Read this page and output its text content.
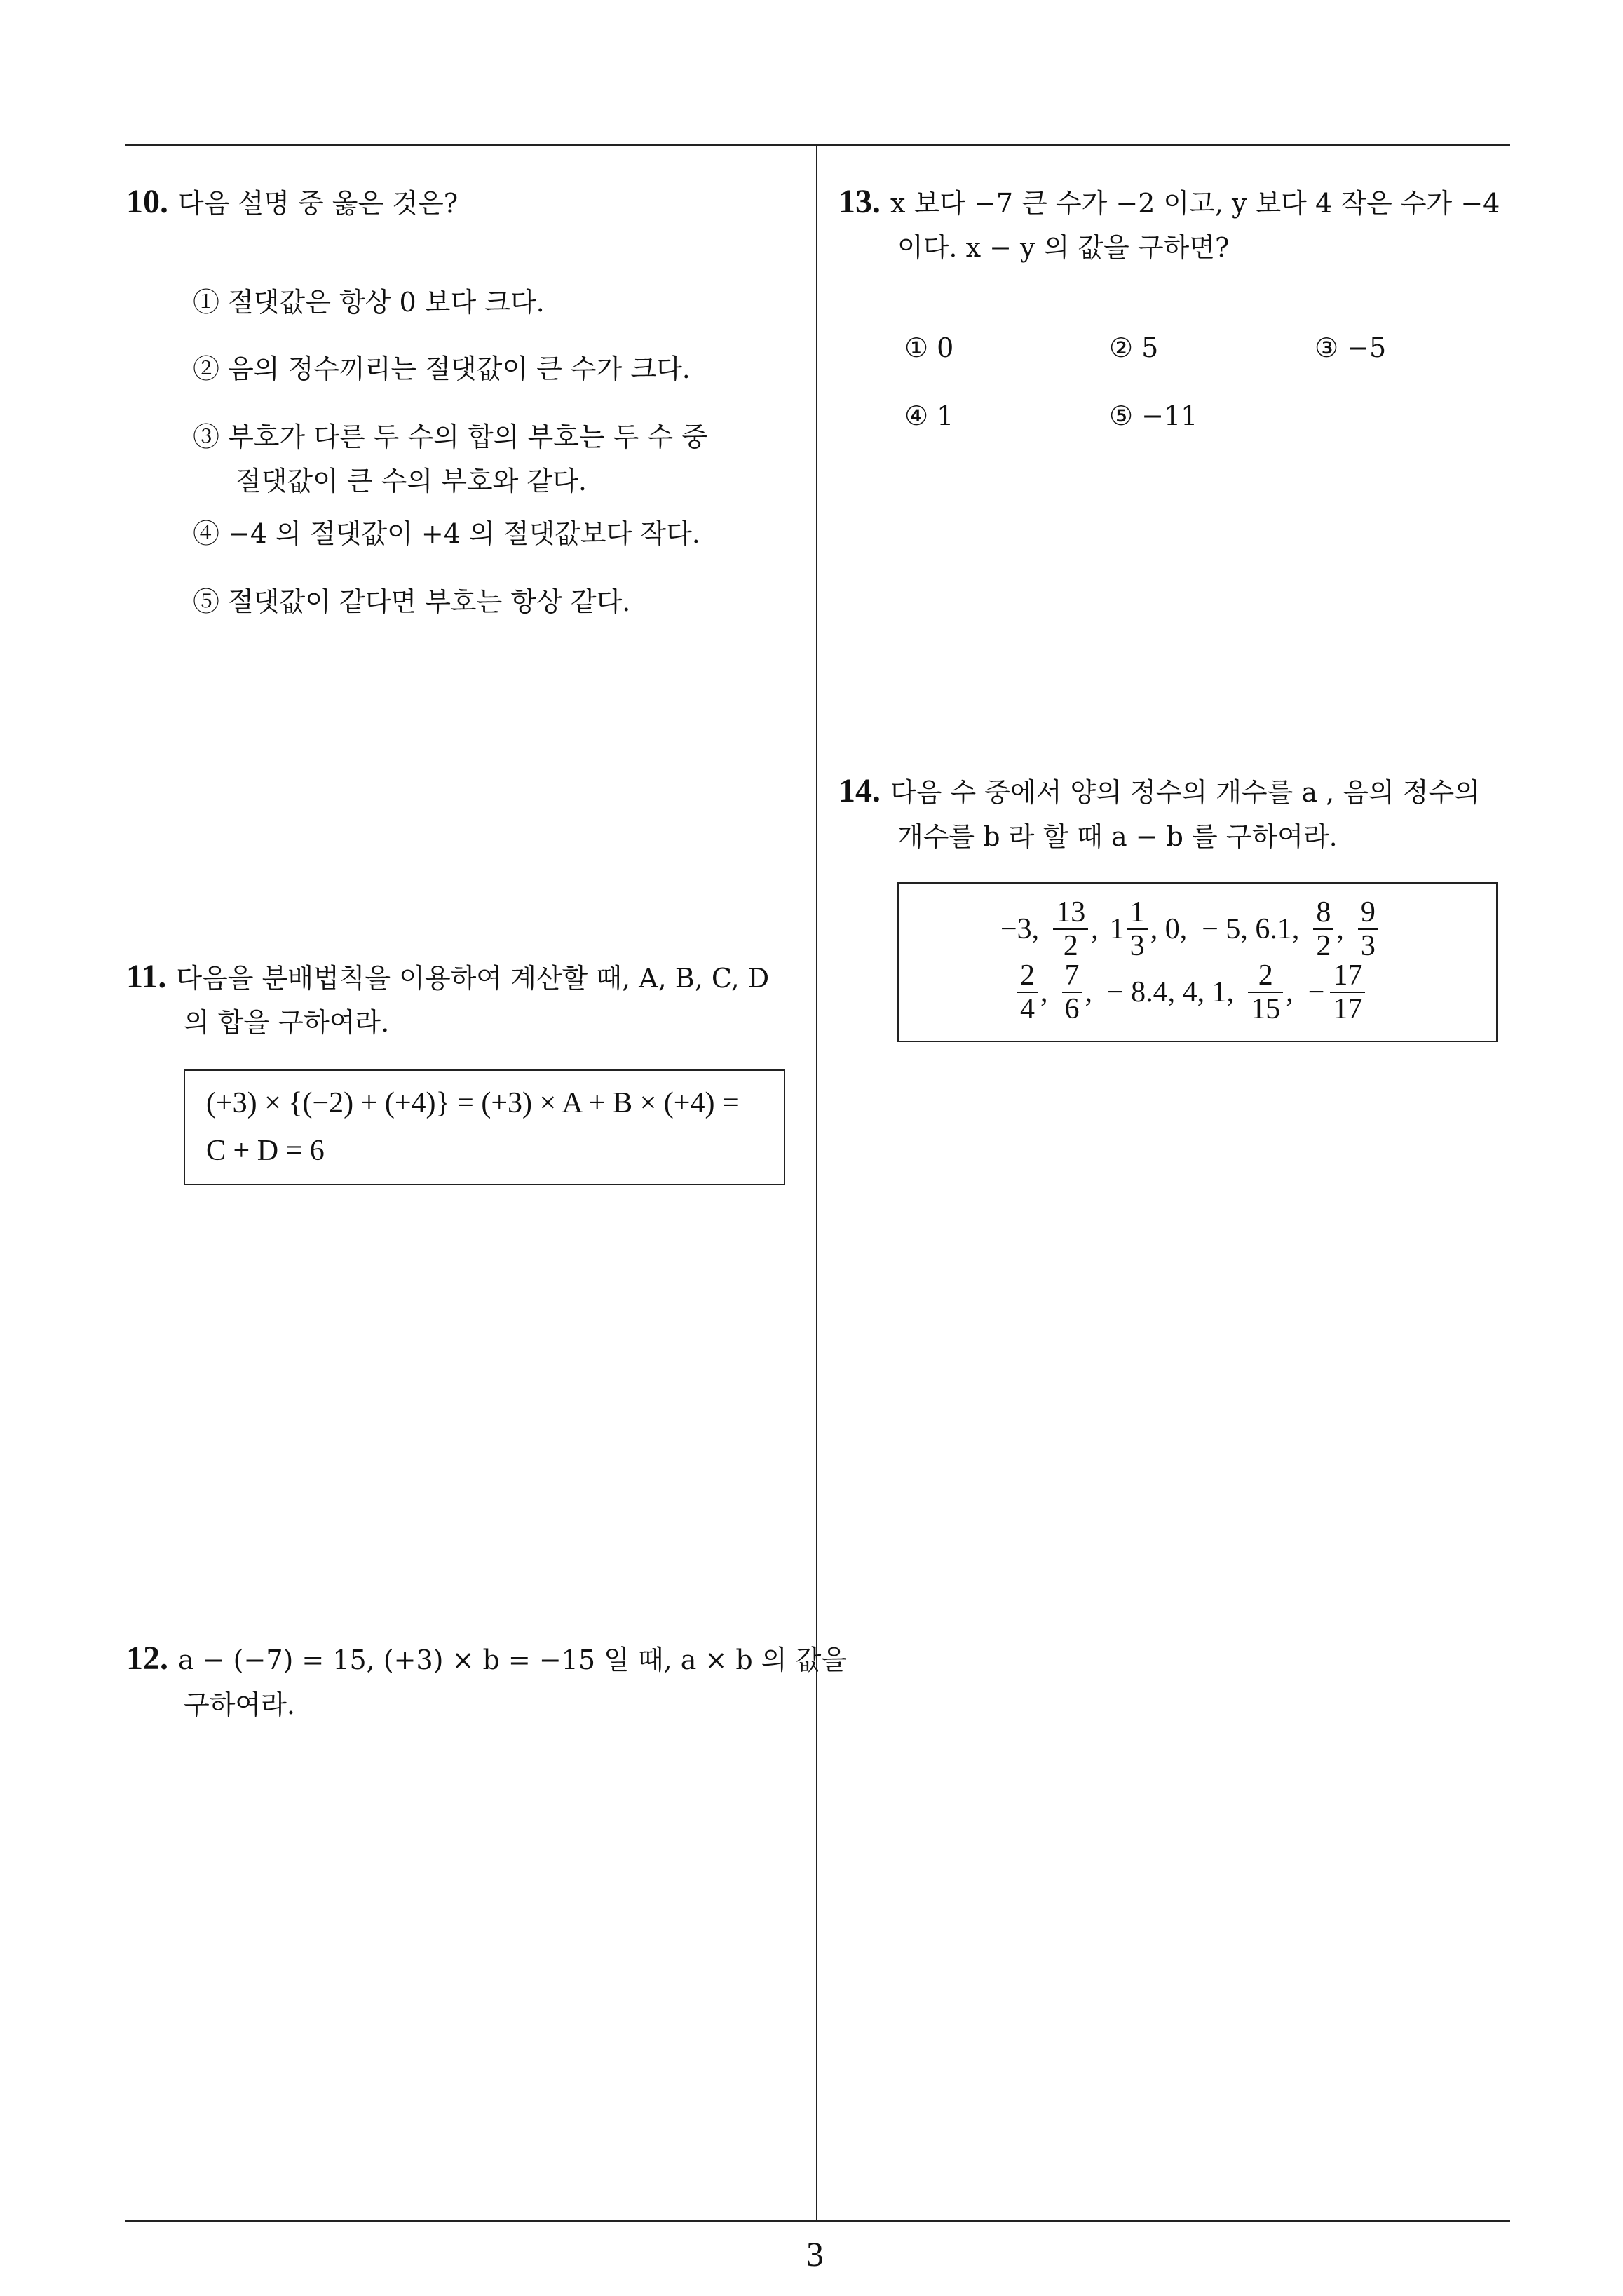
10. 다음 설명 중 옳은 것은?
① 절댓값은 항상 0 보다 크다.
② 음의 정수끼리는 절댓값이 큰 수가 크다.
③ 부호가 다른 두 수의 합의 부호는 두 수 중
절댓값이 큰 수의 부호와 같다.
④ −4 의 절댓값이 +4 의 절댓값보다 작다.
⑤ 절댓값이 같다면 부호는 항상 같다.
11. 다음을 분배법칙을 이용하여 계산할 때, A, B, C, D
의 합을 구하여라.
(+3) × {(−2) + (+4)} = (+3) × A + B × (+4) =
C + D = 6
12. a − (−7) = 15, (+3) × b = −15 일 때, a × b 의 값을
구하여라.
13. x 보다 −7 큰 수가 −2 이고, y 보다 4 작은 수가 −4
이다. x − y 의 값을 구하면?
① 0	② 5	③ −5
④ 1	⑤ −11
14. 다음 수 중에서 양의 정수의 개수를 a , 음의 정수의
개수를 b 라 할 때 a − b 를 구하여라.
−3, $\frac{13}{2}$ , $1 \frac{1}{3}$ , 0,  − 5, 6.1, $\frac{8}{2}$ , $\frac{9}{3}$
$\frac{2}{4}$ , $\frac{7}{6}$ ,  − 8.4, 4, 1, $\frac{2}{15}$ ,  − $\frac{17}{17}$
3
